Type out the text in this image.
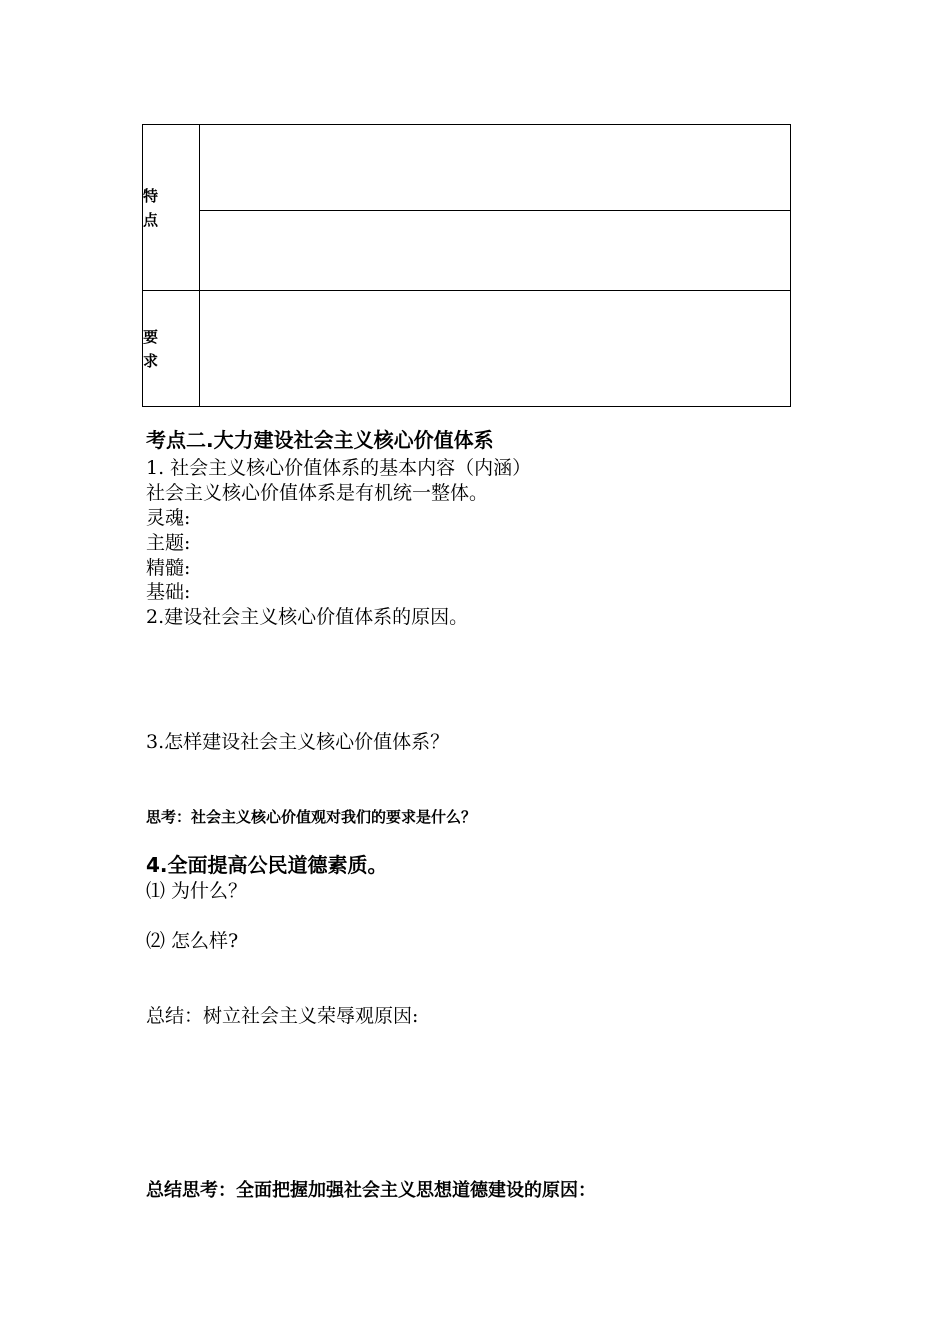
特点	

要求	

考点二.大力建设社会主义核心价值体系
1. 社会主义核心价值体系的基本内容（内涵）
社会主义核心价值体系是有机统一整体。
灵魂:
主题:
精髓:
基础:
2.建设社会主义核心价值体系的原因。
3.怎样建设社会主义核心价值体系？
思考：社会主义核心价值观对我们的要求是什么？
4.全面提高公民道德素质。
⑴ 为什么？
⑵ 怎么样?
总结：树立社会主义荣辱观原因:
总结思考：全面把握加强社会主义思想道德建设的原因：
